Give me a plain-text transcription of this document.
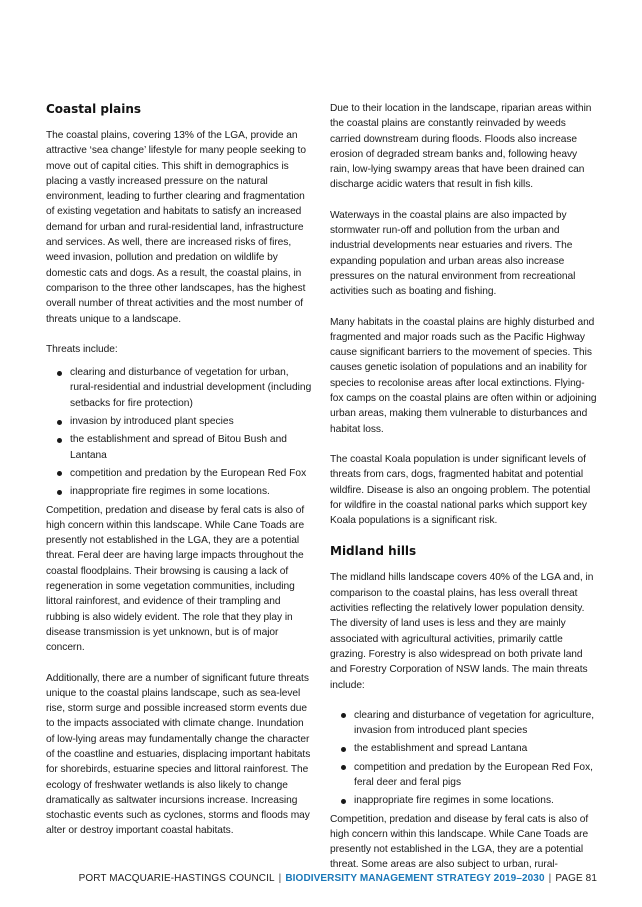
Coastal plains

The coastal plains, covering 13% of the LGA, provide an attractive ‘sea change’ lifestyle for many people seeking to move out of capital cities. This shift in demographics is placing a vastly increased pressure on the natural environment, leading to further clearing and fragmentation of existing vegetation and habitats to satisfy an increased demand for urban and rural-residential land, infrastructure and services. As well, there are increased risks of fires, weed invasion, pollution and predation on wildlife by domestic cats and dogs. As a result, the coastal plains, in comparison to the three other landscapes, has the highest overall number of threat activities and the most number of threats unique to a landscape.

Threats include:

clearing and disturbance of vegetation for urban, rural-residential and industrial development (including setbacks for fire protection)
invasion by introduced plant species
the establishment and spread of Bitou Bush and Lantana
competition and predation by the European Red Fox
inappropriate fire regimes in some locations.

Competition, predation and disease by feral cats is also of high concern within this landscape. While Cane Toads are presently not established in the LGA, they are a potential threat. Feral deer are having large impacts throughout the coastal floodplains. Their browsing is causing a lack of regeneration in some vegetation communities, including littoral rainforest, and evidence of their trampling and rubbing is also widely evident. The role that they play in disease transmission is yet unknown, but is of major concern.

Additionally, there are a number of significant future threats unique to the coastal plains landscape, such as sea-level rise, storm surge and possible increased storm events due to the impacts associated with climate change. Inundation of low-lying areas may fundamentally change the character of the coastline and estuaries, displacing important habitats for shorebirds, estuarine species and littoral rainforest. The ecology of freshwater wetlands is also likely to change dramatically as saltwater incursions increase. Increasing stochastic events such as cyclones, storms and floods may alter or destroy important coastal habitats.

Due to their location in the landscape, riparian areas within the coastal plains are constantly reinvaded by weeds carried downstream during floods. Floods also increase erosion of degraded stream banks and, following heavy rain, low-lying swampy areas that have been drained can discharge acidic waters that result in fish kills.

Waterways in the coastal plains are also impacted by stormwater run-off and pollution from the urban and industrial developments near estuaries and rivers. The expanding population and urban areas also increase pressures on the natural environment from recreational activities such as boating and fishing.

Many habitats in the coastal plains are highly disturbed and fragmented and major roads such as the Pacific Highway cause significant barriers to the movement of species. This causes genetic isolation of populations and an inability for species to recolonise areas after local extinctions. Flying-fox camps on the coastal plains are often within or adjoining urban areas, making them vulnerable to disturbances and habitat loss.

The coastal Koala population is under significant levels of threats from cars, dogs, fragmented habitat and potential wildfire. Disease is also an ongoing problem. The potential for wildfire in the coastal national parks which support key Koala populations is a significant risk.

Midland hills

The midland hills landscape covers 40% of the LGA and, in comparison to the coastal plains, has less overall threat activities reflecting the relatively lower population density. The diversity of land uses is less and they are mainly associated with agricultural activities, primarily cattle grazing. Forestry is also widespread on both private land and Forestry Corporation of NSW lands. The main threats include:

clearing and disturbance of vegetation for agriculture, invasion from introduced plant species
the establishment and spread Lantana
competition and predation by the European Red Fox, feral deer and feral pigs
inappropriate fire regimes in some locations.

Competition, predation and disease by feral cats is also of high concern within this landscape. While Cane Toads are presently not established in the LGA, they are a potential threat. Some areas are also subject to urban, rural-

PORT MACQUARIE-HASTINGS COUNCIL | BIODIVERSITY MANAGEMENT STRATEGY 2019–2030 | PAGE 81
